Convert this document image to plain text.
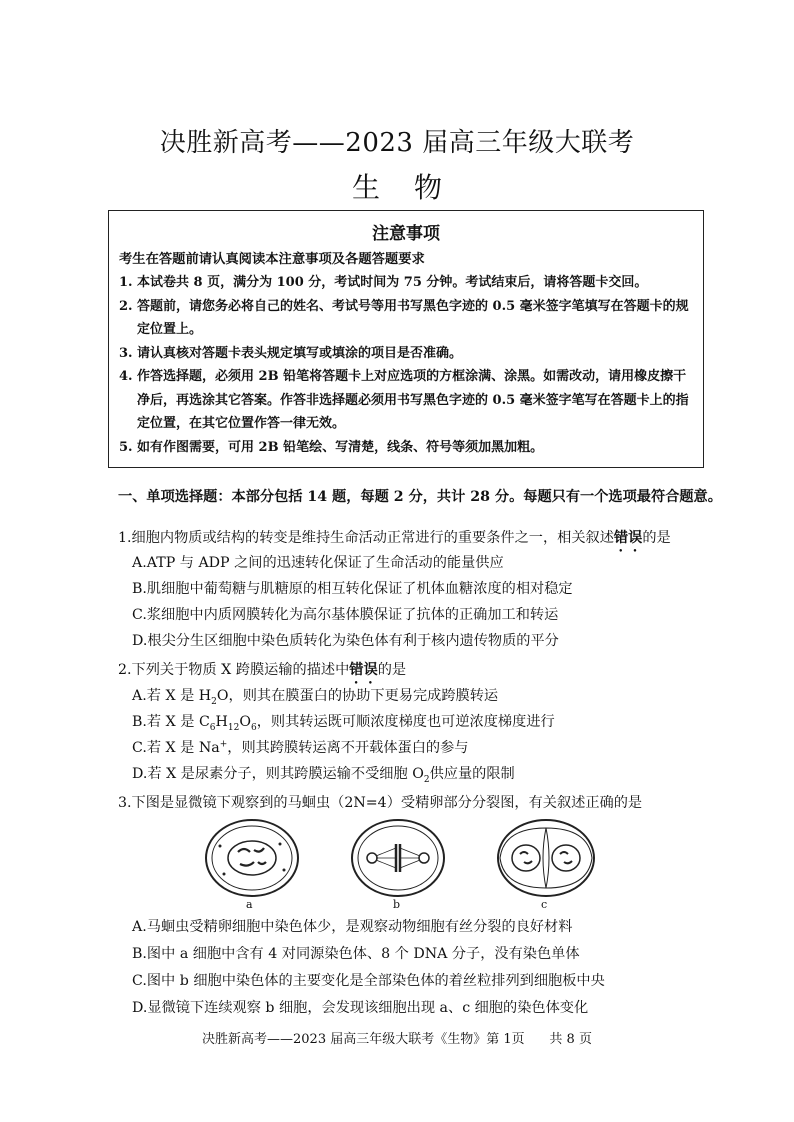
决胜新高考——2023 届高三年级大联考
生物
注意事项
考生在答题前请认真阅读本注意事项及各题答题要求
1. 本试卷共 8 页，满分为 100 分，考试时间为 75 分钟。考试结束后，请将答题卡交回。
2. 答题前，请您务必将自己的姓名、考试号等用书写黑色字迹的 0.5 毫米签字笔填写在答题卡的规定位置上。
3. 请认真核对答题卡表头规定填写或填涂的项目是否准确。
4. 作答选择题，必须用 2B 铅笔将答题卡上对应选项的方框涂满、涂黑。如需改动，请用橡皮擦干净后，再选涂其它答案。作答非选择题必须用书写黑色字迹的 0.5 毫米签字笔写在答题卡上的指定位置，在其它位置作答一律无效。
5. 如有作图需要，可用 2B 铅笔绘、写清楚，线条、符号等须加黑加粗。
一、单项选择题：本部分包括 14 题，每题 2 分，共计 28 分。每题只有一个选项最符合题意。
1.细胞内物质或结构的转变是维持生命活动正常进行的重要条件之一，相关叙述错误的是
A.ATP 与 ADP 之间的迅速转化保证了生命活动的能量供应
B.肌细胞中葡萄糖与肌糖原的相互转化保证了机体血糖浓度的相对稳定
C.浆细胞中内质网膜转化为高尔基体膜保证了抗体的正确加工和转运
D.根尖分生区细胞中染色质转化为染色体有利于核内遗传物质的平分
2.下列关于物质 X 跨膜运输的描述中错误的是
A.若 X 是 $H_2O$，则其在膜蛋白的协助下更易完成跨膜转运
B.若 X 是 $C_6H_{12}O_6$，则其转运既可顺浓度梯度也可逆浓度梯度进行
C.若 X 是 Na+，则其跨膜转运离不开载体蛋白的参与
D.若 X 是尿素分子，则其跨膜运输不受细胞 $O_2$供应量的限制
3.下图是显微镜下观察到的马蛔虫（2N=4）受精卵部分分裂图，有关叙述正确的是
a	b	c
A.马蛔虫受精卵细胞中染色体少，是观察动物细胞有丝分裂的良好材料
B.图中 a 细胞中含有 4 对同源染色体、8 个 DNA 分子，没有染色单体
C.图中 b 细胞中染色体的主要变化是全部染色体的着丝粒排列到细胞板中央
D.显微镜下连续观察 b 细胞，会发现该细胞出现 a、c 细胞的染色体变化
决胜新高考——2023 届高三年级大联考《生物》第 1页      共 8 页
